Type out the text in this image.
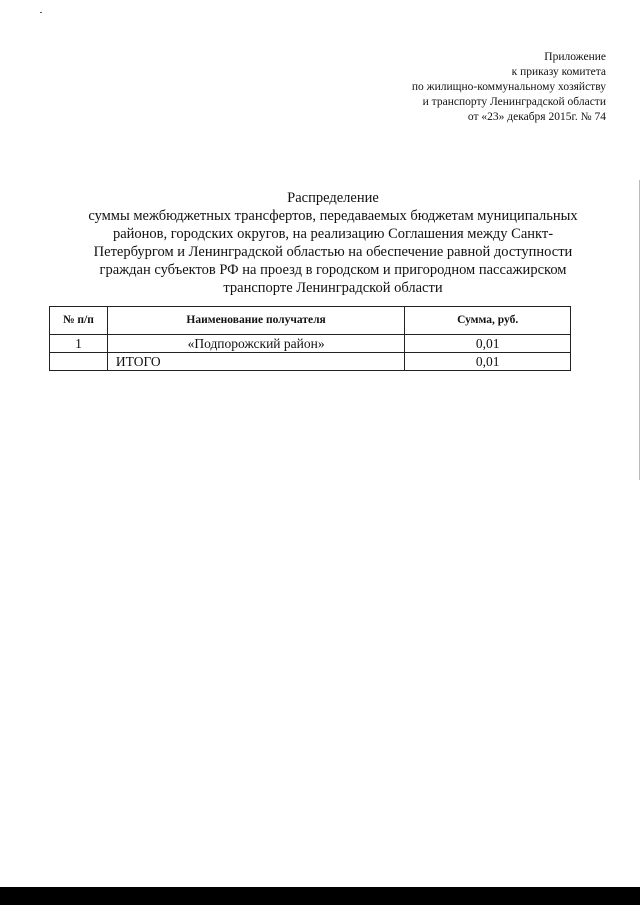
Приложение
к приказу комитета
по жилищно-коммунальному хозяйству
и транспорту Ленинградской области
от «23» декабря 2015г. № 74
Распределение
суммы межбюджетных трансфертов, передаваемых бюджетам муниципальных
районов, городских округов, на реализацию Соглашения между Санкт-
Петербургом и Ленинградской областью на обеспечение равной доступности
граждан субъектов РФ на проезд в городском и пригородном пассажирском
транспорте Ленинградской области
№ п/п	Наименование получателя	Сумма, руб.
1	«Подпорожский район»	0,01
	ИТОГО	0,01
